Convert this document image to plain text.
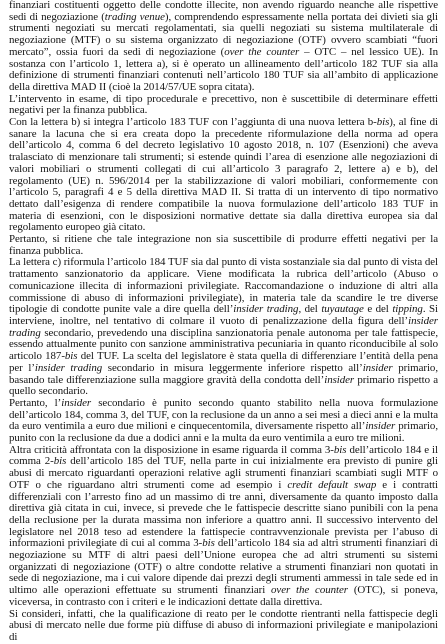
finanziari costituenti oggetto delle condotte illecite, non avendo riguardo neanche alle rispettive sedi di negoziazione (trading venue), comprendendo espressamente nella portata dei divieti sia gli strumenti negoziati su mercati regolamentati, sia quelli negoziati su sistema multilaterale di negoziazione (MTF) o su sistema organizzato di negoziazione (OTF) ovvero scambiati “fuori mercato”, ossia fuori da sedi di negoziazione (over the counter – OTC – nel lessico UE). In sostanza con l’articolo 1, lettera a), si è operato un allineamento dell’articolo 182 TUF sia alla definizione di strumenti finanziari contenuti nell’articolo 180 TUF sia all’ambito di applicazione della direttiva MAD II (cioè la 2014/57/UE sopra citata).

L’intervento in esame, di tipo procedurale e precettivo, non è suscettibile di determinare effetti negativi per la finanza pubblica.

Con la lettera b) si integra l’articolo 183 TUF con l’aggiunta di una nuova lettera b-bis), al fine di sanare la lacuna che si era creata dopo la precedente riformulazione della norma ad opera dell’articolo 4, comma 6 del decreto legislativo 10 agosto 2018, n. 107 (Esenzioni) che aveva tralasciato di menzionare tali strumenti; si estende quindi l’area di esenzione alle negoziazioni di valori mobiliari o strumenti collegati di cui all’articolo 3 paragrafo 2, lettere a) e b), del regolamento (UE) n. 596/2014 per la stabilizzazione di valori mobiliari, conformemente con l’articolo 5, paragrafi 4 e 5 della direttiva MAD II. Si tratta di un intervento di tipo normativo dettato dall’esigenza di rendere compatibile la nuova formulazione dell’articolo 183 TUF in materia di esenzioni, con le disposizioni normative dettate sia dalla direttiva europea sia dal regolamento europeo già citato.

Pertanto, si ritiene che tale integrazione non sia suscettibile di produrre effetti negativi per la finanza pubblica.

La lettera c) riformula l’articolo 184 TUF sia dal punto di vista sostanziale sia dal punto di vista del trattamento sanzionatorio da applicare. Viene modificata la rubrica dell’articolo (Abuso o comunicazione illecita di informazioni privilegiate. Raccomandazione o induzione di altri alla commissione di abuso di informazioni privilegiate), in materia tale da scandire le tre diverse tipologie di condotte punite vale a dire quella dell’insider trading, del tuyautage e del tipping. Si interviene, inoltre, nel tentativo di colmare il vuoto di penalizzazione della figura dell’insider trading secondario, prevedendo una disciplina sanzionatoria penale autonoma per tale fattispecie, essendo attualmente punito con sanzione amministrativa pecuniaria in quanto riconducibile al solo articolo 187-bis del TUF. La scelta del legislatore è stata quella di differenziare l’entità della pena per l’insider trading secondario in misura leggermente inferiore rispetto all’insider primario, basando tale differenziazione sulla maggiore gravità della condotta dell’insider primario rispetto a quello secondario.

Pertanto, l’insider secondario è punito secondo quanto stabilito nella nuova formulazione dell’articolo 184, comma 3, del TUF, con la reclusione da un anno a sei mesi a dieci anni e la multa da euro ventimila a euro due milioni e cinquecentomila, diversamente rispetto all’insider primario, punito con la reclusione da due a dodici anni e la multa da euro ventimila a euro tre milioni.

Altra criticità affrontata con la disposizione in esame riguarda il comma 3-bis dell’articolo 184 e il comma 2-bis dell’articolo 185 del TUF, nella parte in cui inizialmente era previsto di punire gli abusi di mercato riguardanti operazioni relative agli strumenti finanziari scambiati sugli MTF o OTF o che riguardano altri strumenti come ad esempio i credit default swap e i contratti differenziali con l’arresto fino ad un massimo di tre anni, diversamente da quanto imposto dalla direttiva già citata in cui, invece, si prevede che le fattispecie descritte siano punibili con la pena della reclusione per la durata massima non inferiore a quattro anni. Il successivo intervento del legislatore nel 2018 teso ad estendere la fattispecie contravvenzionale prevista per l’abuso di informazioni privilegiate di cui al comma 3-bis dell’articolo 184 sia ad altri strumenti finanziari di negoziazione su MTF di altri paesi dell’Unione europea che ad altri strumenti su sistemi organizzati di negoziazione (OTF) o altre condotte relative a strumenti finanziari non quotati in sede di negoziazione, ma i cui valore dipende dai prezzi degli strumenti ammessi in tale sede ed in ultimo alle operazioni effettuate su strumenti finanziari over the counter (OTC), si poneva, viceversa, in contrasto con i criteri e le indicazioni dettate dalla direttiva.

Si consideri, infatti, che la qualificazione di reato per le condotte rientranti nella fattispecie degli abusi di mercato nelle due forme più diffuse di abuso di informazioni privilegiate e manipolazioni di
